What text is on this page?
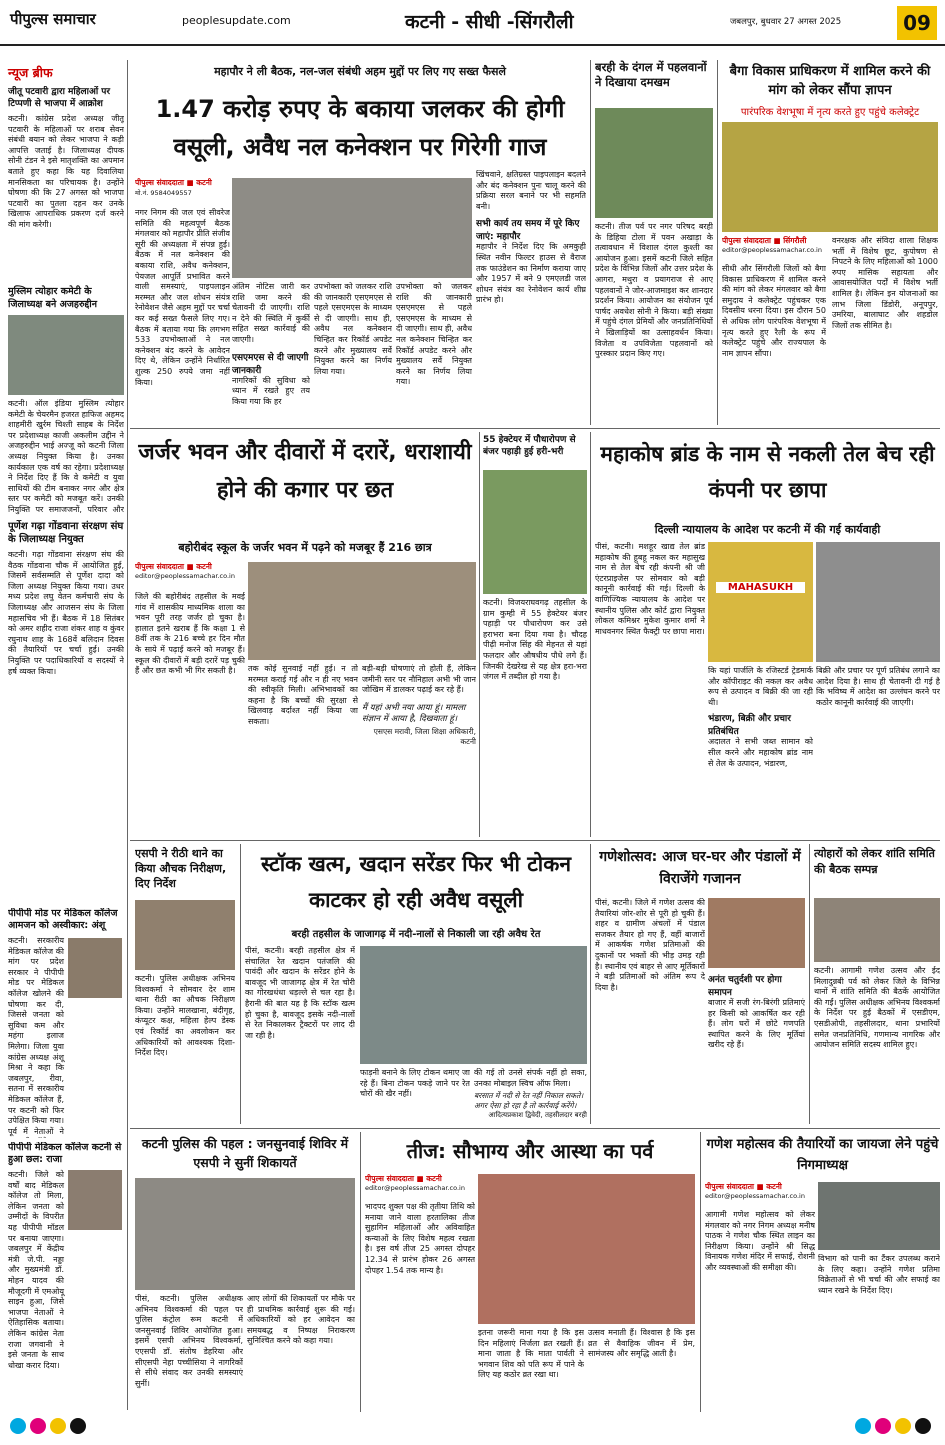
पीपुल्स समाचार	peoplesupdate.com	कटनी - सीधी -सिंगरौली	जबलपुर, बुधवार 27 अगस्त 2025	09
न्यूज ब्रीफ
जीतू पटवारी द्वारा महिलाओं पर टिप्पणी से भाजपा में आक्रोश
कटनी। कांग्रेस प्रदेश अध्यक्ष जीतू पटवारी के महिलाओं पर शराब सेवन संबंधी बयान को लेकर भाजपा ने कड़ी आपत्ति जताई है। जिलाध्यक्ष दीपक सोनी टंडन ने इसे मातृशक्ति का अपमान बताते हुए कहा कि यह दिवालिया मानसिकता का परिचायक है। उन्होंने घोषणा की कि 27 अगस्त को भाजपा पटवारी का पुतला दहन कर उनके खिलाफ आपराधिक प्रकरण दर्ज करने की मांग करेगी।
मुस्लिम त्योहार कमेटी के जिलाध्यक्ष बने अजहरुद्दीन
कटनी। ऑल इंडिया मुस्लिम त्योहार कमेटी के चेयरमैन हजरत हाफिज अहमद शाहमीरी खुर्रम चिश्ती साहब के निर्देश पर प्रदेशाध्यक्ष काजी अकलीम उद्दीन ने अजहरुद्दीन भाई अज्जू को कटनी जिला अध्यक्ष नियुक्त किया है। उनका कार्यकाल एक वर्ष का रहेगा। प्रदेशाध्यक्ष ने निर्देश दिए हैं कि वे कमेटी व युवा साथियों की टीम बनाकर नगर और क्षेत्र स्तर पर कमेटी को मजबूत करें। उनकी नियुक्ति पर समाजजनों, परिवार और
पूर्णेश गढ़ा गोंडवाना संरक्षण संघ के जिलाध्यक्ष नियुक्त
कटनी। गढ़ा गोंडवाना संरक्षण संघ की वैठक गोंडवाना चौक में आयोजित हुई, जिसमें सर्वसम्मति से पूर्णेश दादा को जिला अध्यक्ष नियुक्त किया गया। उधर मध्य प्रदेश लघु वेतन कर्मचारी संघ के जिलाध्यक्ष और आजसन संघ के जिला महासचिव भी हैं। बैठक में 18 सितंबर को अमर शहीद राजा शंकर शाह व कुंवर रघुनाथ शाह के 168वें बलिदान दिवस की तैयारियों पर चर्चा हुई। उनकी नियुक्ति पर पदाधिकारियों व सदस्यों ने हर्ष व्यक्त किया।
पीपीपी मोड पर मेडिकल कॉलेज आमजन को अस्वीकार: अंशू
कटनी। सरकारीय मेडिकल कॉलेज की मांग पर प्रदेश सरकार ने पीपीपी मोड पर मेडिकल कॉलेज खोलने की घोषणा कर दी, जिससे जनता को सुविधा कम और महंगा इलाज मिलेगा। जिला युवा कांग्रेस अध्यक्ष अंशू मिश्रा ने कहा कि जबलपुर, रीवा, सतना में सरकारीय मेडिकल कॉलेज हैं, पर कटनी को फिर उपेक्षित किया गया। पूर्व में नेताओं ने
पीपीपी मेडिकल कॉलेज कटनी से हुआ छल: राजा
कटनी। जिले को वर्षों बाद मेडिकल कॉलेज तो मिला, लेकिन जनता को उम्मीदों के विपरीत यह पीपीपी मॉडल पर बनाया जाएगा। जबलपुर में केंद्रीय मंत्री जे.पी. नड्डा और मुख्यमंत्री डॉ. मोहन यादव की मौजूदगी में एमओयू साइन हुआ, जिसे भाजपा नेताओं ने ऐतिहासिक बताया। लेकिन कांग्रेस नेता राजा जगवानी ने इसे जनता के साथ धोखा करार दिया।
महापौर ने ली बैठक, नल-जल संबंधी अहम मुद्दों पर लिए गए सख्त फैसले
1.47 करोड़ रुपए के बकाया जलकर की होगी वसूली, अवैध नल कनेक्शन पर गिरेगी गाज
पीपुल्स संवाददाता ■ कटनी
मो.नं. 9584049557
नगर निगम की जल एवं सीवरेज समिति की महत्वपूर्ण बैठक मंगलवार को महापौर प्रीति संजीव सूरी की अध्यक्षता में संपन्न हुई। बैठक में नल कनेक्शन की बकाया राशि, अवैध कनेक्शन, पेयजल आपूर्ति प्रभावित करने वाली समस्याएं, पाइपलाइन मरम्मत और जल शोधन संयंत्र रेनोवेशन जैसे अहम मुद्दों पर चर्चा कर कई सख्त फैसले लिए गए। बैठक में बताया गया कि लगभग 533 उपभोक्ताओं ने नल कनेक्शन बंद करने के आवेदन दिए थे, लेकिन उन्होंने निर्धारित शुल्क 250 रुपये जमा नहीं किया।
अंतिम नोटिस जारी कर राशि जमा करने की चेतावनी दी जाएगी। राशि न देने की स्थिति में कुर्की सहित सख्त कार्रवाई की जाएगी।
एसएमएस से दी जाएगी जानकारी
नागरिकों की सुविधा को ध्यान में रखते हुए तय किया गया कि हर
उपभोक्ता को जलकर राशि की जानकारी एसएमएस से पहले एसएमएस के माध्यम से दी जाएगी। साथ ही, अवैध नल कनेक्शन चिन्हित कर रिकॉर्ड अपडेट करने और मुख्यालय सर्वे नियुक्त करने का निर्णय लिया गया।
उपभोक्ता को जलकर राशि की जानकारी एसएमएस से पहले एसएमएस के माध्यम से दी जाएगी। साथ ही, अवैध नल कनेक्शन चिन्हित कर रिकॉर्ड अपडेट करने और मुख्यालय सर्वे नियुक्त करने का निर्णय लिया गया।
खिंचवाने, क्षतिग्रस्त पाइपलाइन बदलने और बंद कनेक्शन पुनः चालू करने की प्रक्रिया सरल बनाने पर भी सहमति बनी।
सभी कार्य तय समय में पूरे किए जाएं: महापौर
महापौर ने निर्देश दिए कि अमकुही स्थित नवीन फिल्टर हाउस से वैराज तक फाउंडेशन का निर्माण कराया जाए और 1957 में बने 9 एमएलडी जल शोधन संयंत्र का रेनोवेशन कार्य शीघ्र प्रारंभ हो।
बरही के दंगल में पहलवानों ने दिखाया दमखम
कटनी। तीज पर्व पर नगर परिषद बरही के डिहिया टोला में पवन अखाड़ा के तत्वावधान में विशाल दंगल कुश्ती का आयोजन हुआ। इसमें कटनी जिले सहित प्रदेश के विभिन्न जिलों और उत्तर प्रदेश के आगरा, मथुरा व प्रयागराज से आए पहलवानों ने जोर-आजमाइश कर शानदार प्रदर्शन किया। आयोजन का संयोजन पूर्व पार्षद अवधेश सोनी ने किया। बड़ी संख्या में पहुंचे दंगल प्रेमियों और जनप्रतिनिधियों ने खिलाड़ियों का उत्साहवर्धन किया। विजेता व उपविजेता पहलवानों को पुरस्कार प्रदान किए गए।
बैगा विकास प्राधिकरण में शामिल करने की मांग को लेकर सौंपा ज्ञापन
पारंपरिक वेशभूषा में नृत्य करते हुए पहुंचे कलेक्ट्रेट
पीपुल्स संवाददाता ■ सिंगरौली
editor@peoplessamachar.co.in
सीधी और सिंगरौली जिलों को बैगा विकास प्राधिकरण में शामिल करने की मांग को लेकर मंगलवार को बैगा समुदाय ने कलेक्ट्रेट पहुंचकर एक दिवसीय धरना दिया। इस दौरान 50 से अधिक लोग पारंपरिक वेशभूषा में नृत्य करते हुए रैली के रूप में कलेक्ट्रेट पहुंचे और राज्यपाल के नाम ज्ञापन सौंपा।
वनरक्षक और संविदा शाला शिक्षक भर्ती में विशेष छूट, कुपोषण से निपटने के लिए महिलाओं को 1000 रुपए मासिक सहायता और आवासयोजित पर्दों में विशेष भर्ती शामिल है। लेकिन इन योजनाओं का लाभ जिला डिंडोरी, अनूपपुर, उमरिया, बालाघाट और शहडोल जिलों तक सीमित है।
जर्जर भवन और दीवारों में दरारें, धराशायी होने की कगार पर छत
बहोरीबंद स्कूल के जर्जर भवन में पढ़ने को मजबूर हैं 216 छात्र
पीपुल्स संवाददाता ■ कटनी
editor@peoplessamachar.co.in
जिले की बहोरीबंद तहसील के मवई गांव में शासकीय माध्यमिक शाला का भवन पूरी तरह जर्जर हो चुका है। हालात इतने खराब हैं कि कक्षा 1 से 8वीं तक के 216 बच्चे हर दिन मौत के साये में पढ़ाई करने को मजबूर हैं। स्कूल की दीवारों में बड़ी दरारें पड़ चुकी हैं और छत कभी भी गिर सकती है।	तक कोई सुनवाई नहीं हुई। न तो मरम्मत कराई गई और न ही नए भवन की स्वीकृति मिली। अभिभावकों का कहना है कि बच्चों की सुरक्षा से खिलवाड़ बर्दाश्त नहीं किया जा सकता।
बड़ी-बड़ी घोषणाएं तो होती हैं, लेकिन जमीनी स्तर पर नौनिहाल अभी भी जान जोखिम में डालकर पढ़ाई कर रहे हैं।
मैं यहां अभी नया आया हूं। मामला संज्ञान में आया है, दिखवाता हूं।
एसएस मरावी, जिला शिक्षा अधिकारी, कटनी
55 हेक्टेयर में पौधारोपण से बंजर पहाड़ी हुई हरी-भरी
कटनी। विजयराघवगढ़ तहसील के ग्राम कुम्ही में 55 हेक्टेयर बंजर पहाड़ी पर पौधारोपण कर उसे हराभरा बना दिया गया है। चौदह पीढ़ी मनोज सिंह की मेहनत से यहां फलदार और औषधीय पौधे लगे हैं। जिनकी देखरेख से यह क्षेत्र हरा-भरा जंगल में तब्दील हो गया है।
महाकोष ब्रांड के नाम से नकली तेल बेच रही कंपनी पर छापा
दिल्ली न्यायालय के आदेश पर कटनी में की गई कार्यवाही
पीसं, कटनी। मशहूर खाद्य तेल ब्रांड महाकोष की हूबहू नकल कर महासुख नाम से तेल बेच रही कंपनी श्री जी एंटरप्राइजेस पर सोमवार को बड़ी कानूनी कार्रवाई की गई। दिल्ली के वाणिज्यिक न्यायालय के आदेश पर स्थानीय पुलिस और कोर्ट द्वारा नियुक्त लोकल कमिश्नर मुकेश कुमार शर्मा ने माधवनगर स्थित फैक्ट्री पर छापा मारा।
MAHASUKH
कि यहां पार्जलि के रजिस्टर्ड ट्रेडमार्क और कॉपीराइट की नकल कर अवैध रूप से उत्पादन व बिक्री की जा रही थी।
भंडारण, बिक्री और प्रचार प्रतिबंधित
अदालत ने सभी जब्त सामान को सील करने और महाकोष ब्रांड नाम से तेल के उत्पादन, भंडारण,
बिक्री और प्रचार पर पूर्ण प्रतिबंध लगाने का आदेश दिया है। साथ ही चेतावनी दी गई है कि भविष्य में आदेश का उल्लंघन करने पर कठोर कानूनी कार्रवाई की जाएगी।
एसपी ने रीठी थाने का किया औचक निरीक्षण, दिए निर्देश
कटनी। पुलिस अधीक्षक अभिनय विश्वकर्मा ने सोमवार देर शाम थाना रीठी का औचक निरीक्षण किया। उन्होंने मालखाना, बंदीगृह, कंप्यूटर कक्ष, महिला हेल्प डेस्क एवं रिकॉर्ड का अवलोकन कर अधिकारियों को आवश्यक दिशा-निर्देश दिए।
स्टॉक खत्म, खदान सरेंडर फिर भी टोकन काटकर हो रही अवैध वसूली
बरही तहसील के जाजागढ़ में नदी-नालों से निकाली जा रही अवैध रेत
पीसं, कटनी। बरही तहसील क्षेत्र में संचालित रेत खदान पतंजलि की पावंदी और खदान के सरेंडर होने के बावजूद भी जाजागढ़ क्षेत्र में रेत चोरी का गोरखधंधा धड़ल्ले से चल रहा है। हैरानी की बात यह है कि स्टॉक खत्म हो चुका है, बावजूद इसके नदी-नालों से रेत निकालकर ट्रैक्टरों पर लाद दी जा रही है।
फाड़नी बनाने के लिए टोकन थमाए जा रहे हैं। बिना टोकन पकड़े जाने पर रेत चोरों की खैर नहीं।
की गई तो उनसे संपर्क नहीं हो सका, उनका मोबाइल स्विच ऑफ मिला।
बरसात में नदी से रेत नहीं निकाल सकते। अगर ऐसा हो रहा है तो कार्रवाई करेंगे।
आदित्यप्रकाश द्विवेदी, तहसीलदार बरही
गणेशोत्सव: आज घर-घर और पंडालों में विराजेंगे गजानन
पीसं, कटनी। जिले में गणेश उत्सव की तैयारियां जोर-शोर से पूरी हो चुकी हैं। शहर व ग्रामीण अंचलों में पंडाल सजकर तैयार हो गए हैं, वहीं बाजारों में आकर्षक गणेश प्रतिमाओं की दुकानों पर भक्तों की भीड़ उमड़ रही है। स्थानीय एवं बाहर से आए मूर्तिकारों ने बड़ी प्रतिमाओं को अंतिम रूप दे दिया है।
अनंत चतुर्दशी पर होगा समापन
बाजार में सजी रंग-बिरंगी प्रतिमाएं हर किसी को आकर्षित कर रही हैं। लोग घरों में छोटे गणपति स्थापित करने के लिए मूर्तियां खरीद रहे हैं।
त्योहारों को लेकर शांति समिति की बैठक सम्पन्न
कटनी। आगामी गणेश उत्सव और ईद मिलादुन्नबी पर्व को लेकर जिले के विभिन्न थानों में शांति समिति की बैठकें आयोजित की गईं। पुलिस अधीक्षक अभिनय विश्वकर्मा के निर्देश पर हुई बैठकों में एसडीएम, एसडीओपी, तहसीलदार, थाना प्रभारियों समेत जनप्रतिनिधि, गणमान्य नागरिक और आयोजन समिति सदस्य शामिल हुए।
कटनी पुलिस की पहल : जनसुनवाई शिविर में एसपी ने सुनीं शिकायतें
पीसं, कटनी। पुलिस अधीक्षक अभिनय विश्वकर्मा की पहल पर पुलिस कंट्रोल रूम कटनी में जनसुनवाई शिविर आयोजित हुआ। इसमें एसपी अभिनय विश्वकर्मा, एएसपी डॉ. संतोष डेहरिया और सीएसपी नेहा पच्चीसिया ने नागरिकों से सीधे संवाद कर उनकी समस्याएं सुनीं।
आए लोगों की शिकायतों पर मौके पर ही प्राथमिक कार्रवाई शुरू की गई। अधिकारियों को हर आवेदन का समयबद्ध व निष्पक्ष निराकरण सुनिश्चित करने को कहा गया।
तीज: सौभाग्य और आस्था का पर्व
पीपुल्स संवाददाता ■ कटनी
editor@peoplessamachar.co.in
भादपद शुक्ल पक्ष की तृतीया तिथि को मनाया जाने वाला हरतालिका तीज सुहागिन महिलाओं और अविवाहित कन्याओं के लिए विशेष महत्व रखता है। इस वर्ष तीज 25 अगस्त दोपहर 12.34 से प्रारंभ होकर 26 अगस्त दोपहर 1.54 तक मान्य है।
इतना जरूरी माना गया है कि इस दिन महिलाएं निर्जला व्रत रखती हैं। माना जाता है कि माता पार्वती ने भगवान शिव को पति रूप में पाने के लिए यह कठोर व्रत रखा था।
उत्सव मनाती हैं। विश्वास है कि इस व्रत से वैवाहिक जीवन में प्रेम, सामंजस्य और समृद्धि आती है।
गणेश महोत्सव की तैयारियों का जायजा लेने पहुंचे निगमाध्यक्ष
पीपुल्स संवाददाता ■ कटनी
editor@peoplessamachar.co.in
आगामी गणेश महोत्सव को लेकर मंगलवार को नगर निगम अध्यक्ष मनीष पाठक ने गणेश चौक स्थित लाइन का निरीक्षण किया। उन्होंने श्री सिद्ध विनायक गणेश मंदिर में सफाई, रोशनी और व्यवस्थाओं की समीक्षा की।
विभाग को पानी का टैंकर उपलब्ध कराने के लिए कहा। उन्होंने गणेश प्रतिमा विक्रेताओं से भी चर्चा की और सफाई का ध्यान रखने के निर्देश दिए।
